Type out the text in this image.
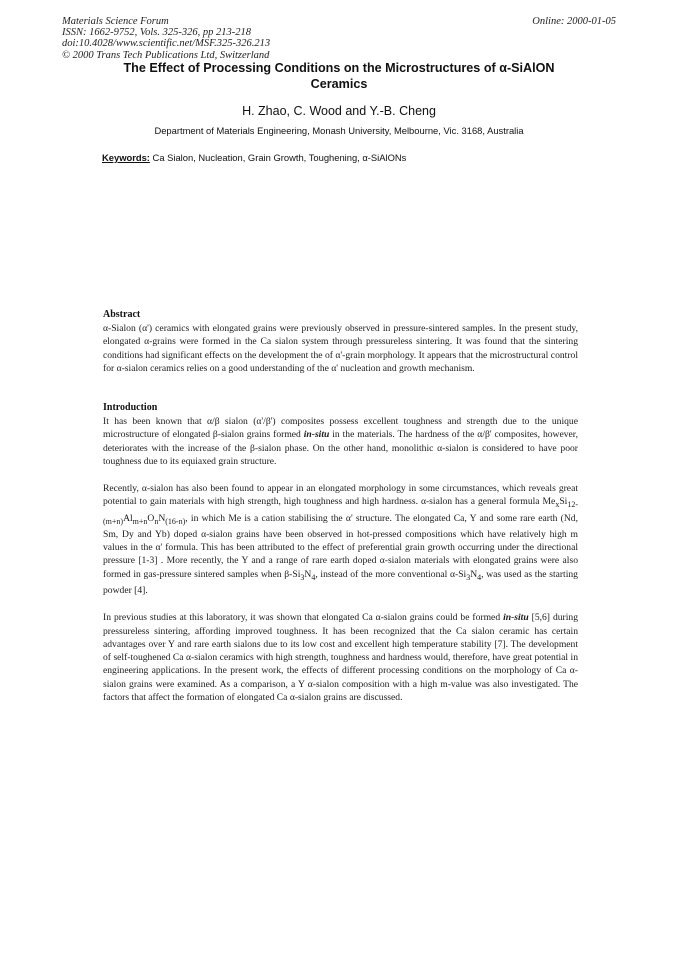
Materials Science Forum
ISSN: 1662-9752, Vols. 325-326, pp 213-218
doi:10.4028/www.scientific.net/MSF.325-326.213
© 2000 Trans Tech Publications Ltd, Switzerland
Online: 2000-01-05
The Effect of Processing Conditions on the Microstructures of α-SiAlON
Ceramics
H. Zhao, C. Wood and Y.-B. Cheng
Department of Materials Engineering, Monash University, Melbourne, Vic. 3168, Australia
Keywords: Ca Sialon, Nucleation, Grain Growth, Toughening, α-SiAlONs
Abstract

α-Sialon (α') ceramics with elongated grains were previously observed in pressure-sintered samples. In the present study, elongated α-grains were formed in the Ca sialon system through pressureless sintering. It was found that the sintering conditions had significant effects on the development the of α'-grain morphology. It appears that the microstructural control for α-sialon ceramics relies on a good understanding of the α' nucleation and growth mechanism.

Introduction

It has been known that α/β sialon (α'/β') composites possess excellent toughness and strength due to the unique microstructure of elongated β-sialon grains formed in-situ in the materials. The hardness of the α/β' composites, however, deteriorates with the increase of the β-sialon phase. On the other hand, monolithic α-sialon is considered to have poor toughness due to its equiaxed grain structure.

Recently, α-sialon has also been found to appear in an elongated morphology in some circumstances, which reveals great potential to gain materials with high strength, high toughness and high hardness. α-sialon has a general formula $Me_xSi_{12-(m+n)}Al_{m+n}O_nN_{(16-n)}$, in which Me is a cation stabilising the α' structure. The elongated Ca, Y and some rare earth (Nd, Sm, Dy and Yb) doped α-sialon grains have been observed in hot-pressed compositions which have relatively high m values in the α' formula. This has been attributed to the effect of preferential grain growth occurring under the directional pressure [1-3] . More recently, the Y and a range of rare earth doped α-sialon materials with elongated grains were also formed in gas-pressure sintered samples when $\beta-Si_3N_4$, instead of the more conventional $\alpha-Si_3N_4$, was used as the starting powder [4].

In previous studies at this laboratory, it was shown that elongated Ca α-sialon grains could be formed in-situ [5,6] during pressureless sintering, affording improved toughness. It has been recognized that the Ca sialon ceramic has certain advantages over Y and rare earth sialons due to its low cost and excellent high temperature stability [7]. The development of self-toughened Ca α-sialon ceramics with high strength, toughness and hardness would, therefore, have great potential in engineering applications. In the present work, the effects of different processing conditions on the morphology of Ca α-sialon grains were examined. As a comparison, a Y α-sialon composition with a high m-value was also investigated. The factors that affect the formation of elongated Ca α-sialon grains are discussed.
